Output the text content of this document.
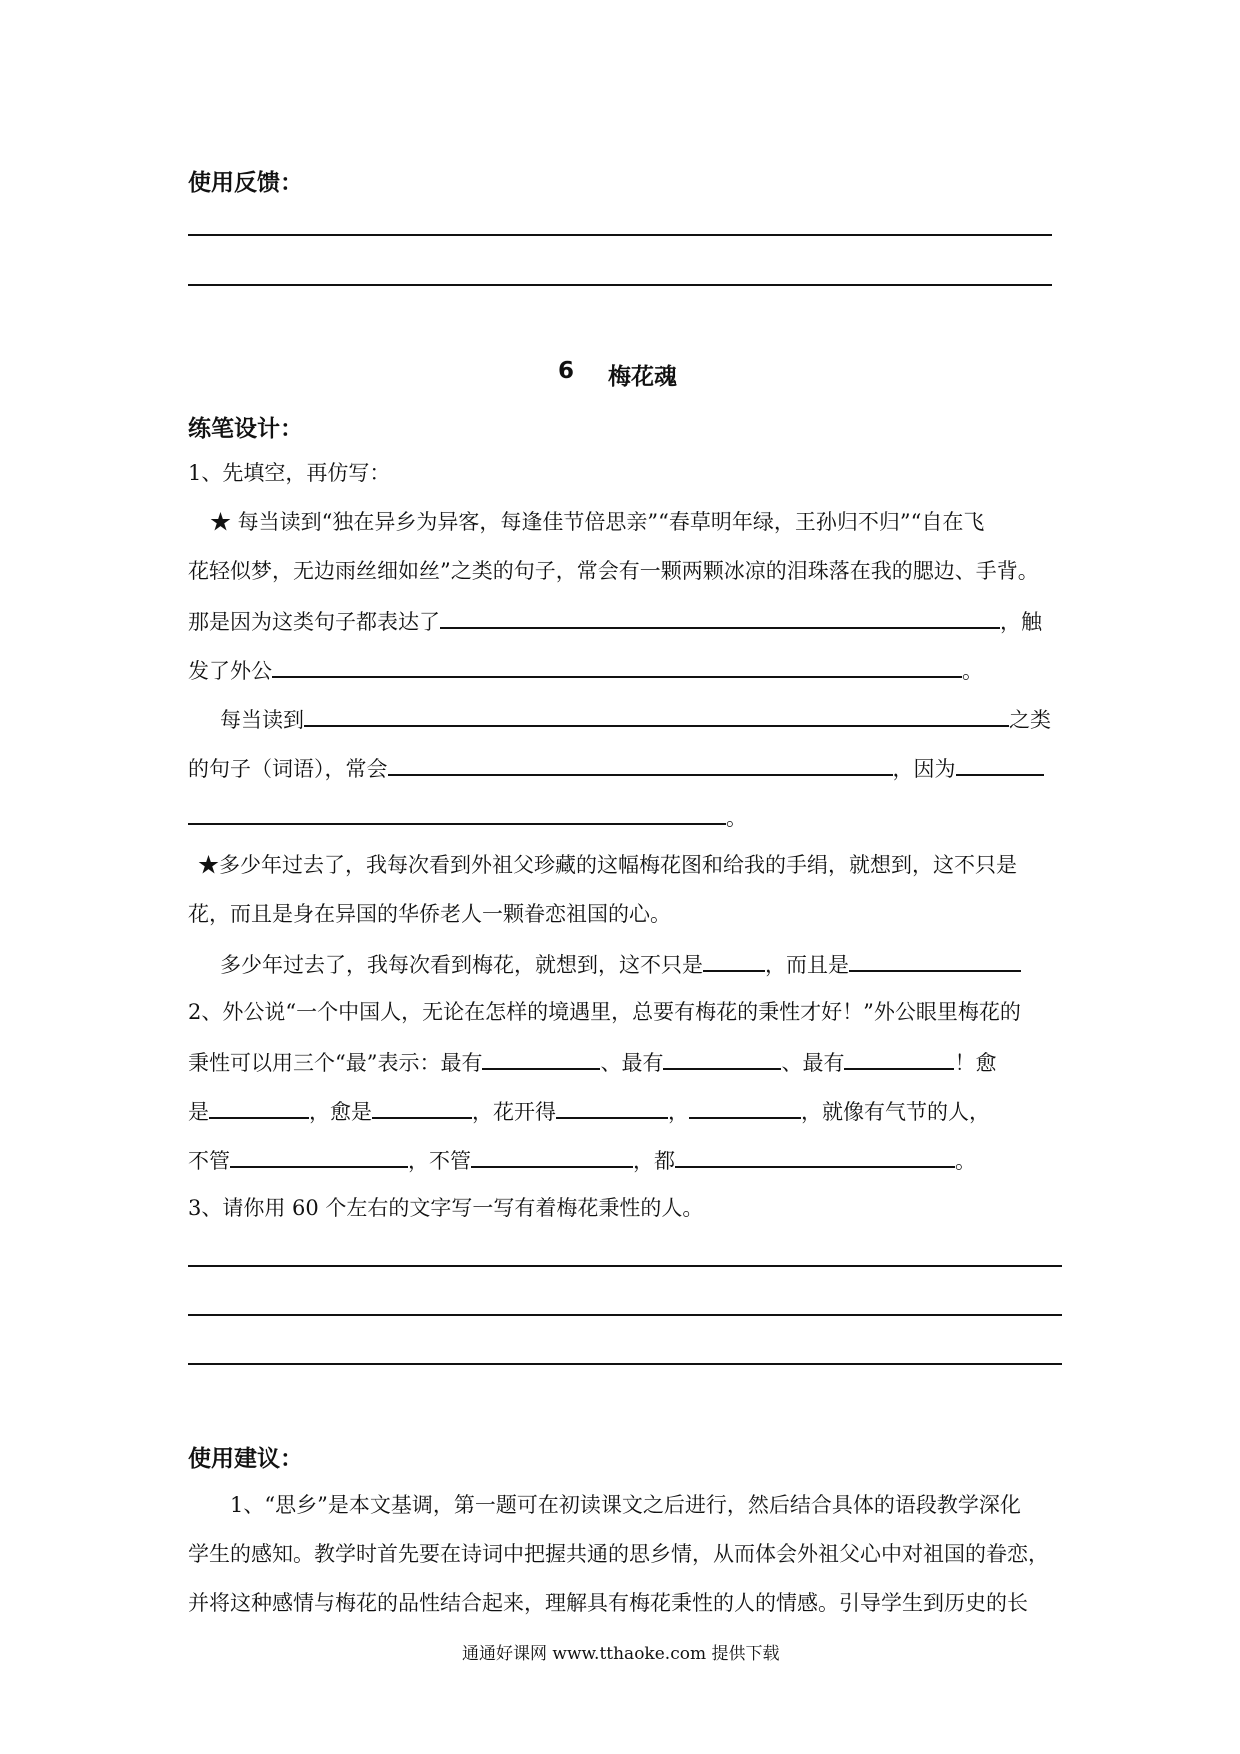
使用反馈：
6 梅花魂
练笔设计：
1、先填空，再仿写：
★ 每当读到“独在异乡为异客，每逢佳节倍思亲”“春草明年绿，王孙归不归”“自在飞
花轻似梦，无边雨丝细如丝”之类的句子，常会有一颗两颗冰凉的泪珠落在我的腮边、手背。
那是因为这类句子都表达了	，触
发了外公	。
每当读到	之类
的句子（词语），常会	，因为
。
★多少年过去了，我每次看到外祖父珍藏的这幅梅花图和给我的手绢，就想到，这不只是
花，而且是身在异国的华侨老人一颗眷恋祖国的心。
多少年过去了，我每次看到梅花，就想到，这不只是	，而且是
2、外公说“一个中国人，无论在怎样的境遇里，总要有梅花的秉性才好！”外公眼里梅花的
秉性可以用三个“最”表示：最有	、最有	、最有	！愈
是	，愈是	，花开得	，	，就像有气节的人，
不管	，不管	，都	。
3、请你用 60 个左右的文字写一写有着梅花秉性的人。
使用建议：
1、“思乡”是本文基调，第一题可在初读课文之后进行，然后结合具体的语段教学深化
学生的感知。教学时首先要在诗词中把握共通的思乡情，从而体会外祖父心中对祖国的眷恋，
并将这种感情与梅花的品性结合起来，理解具有梅花秉性的人的情感。引导学生到历史的长
通通好课网 www.tthaoke.com 提供下载
